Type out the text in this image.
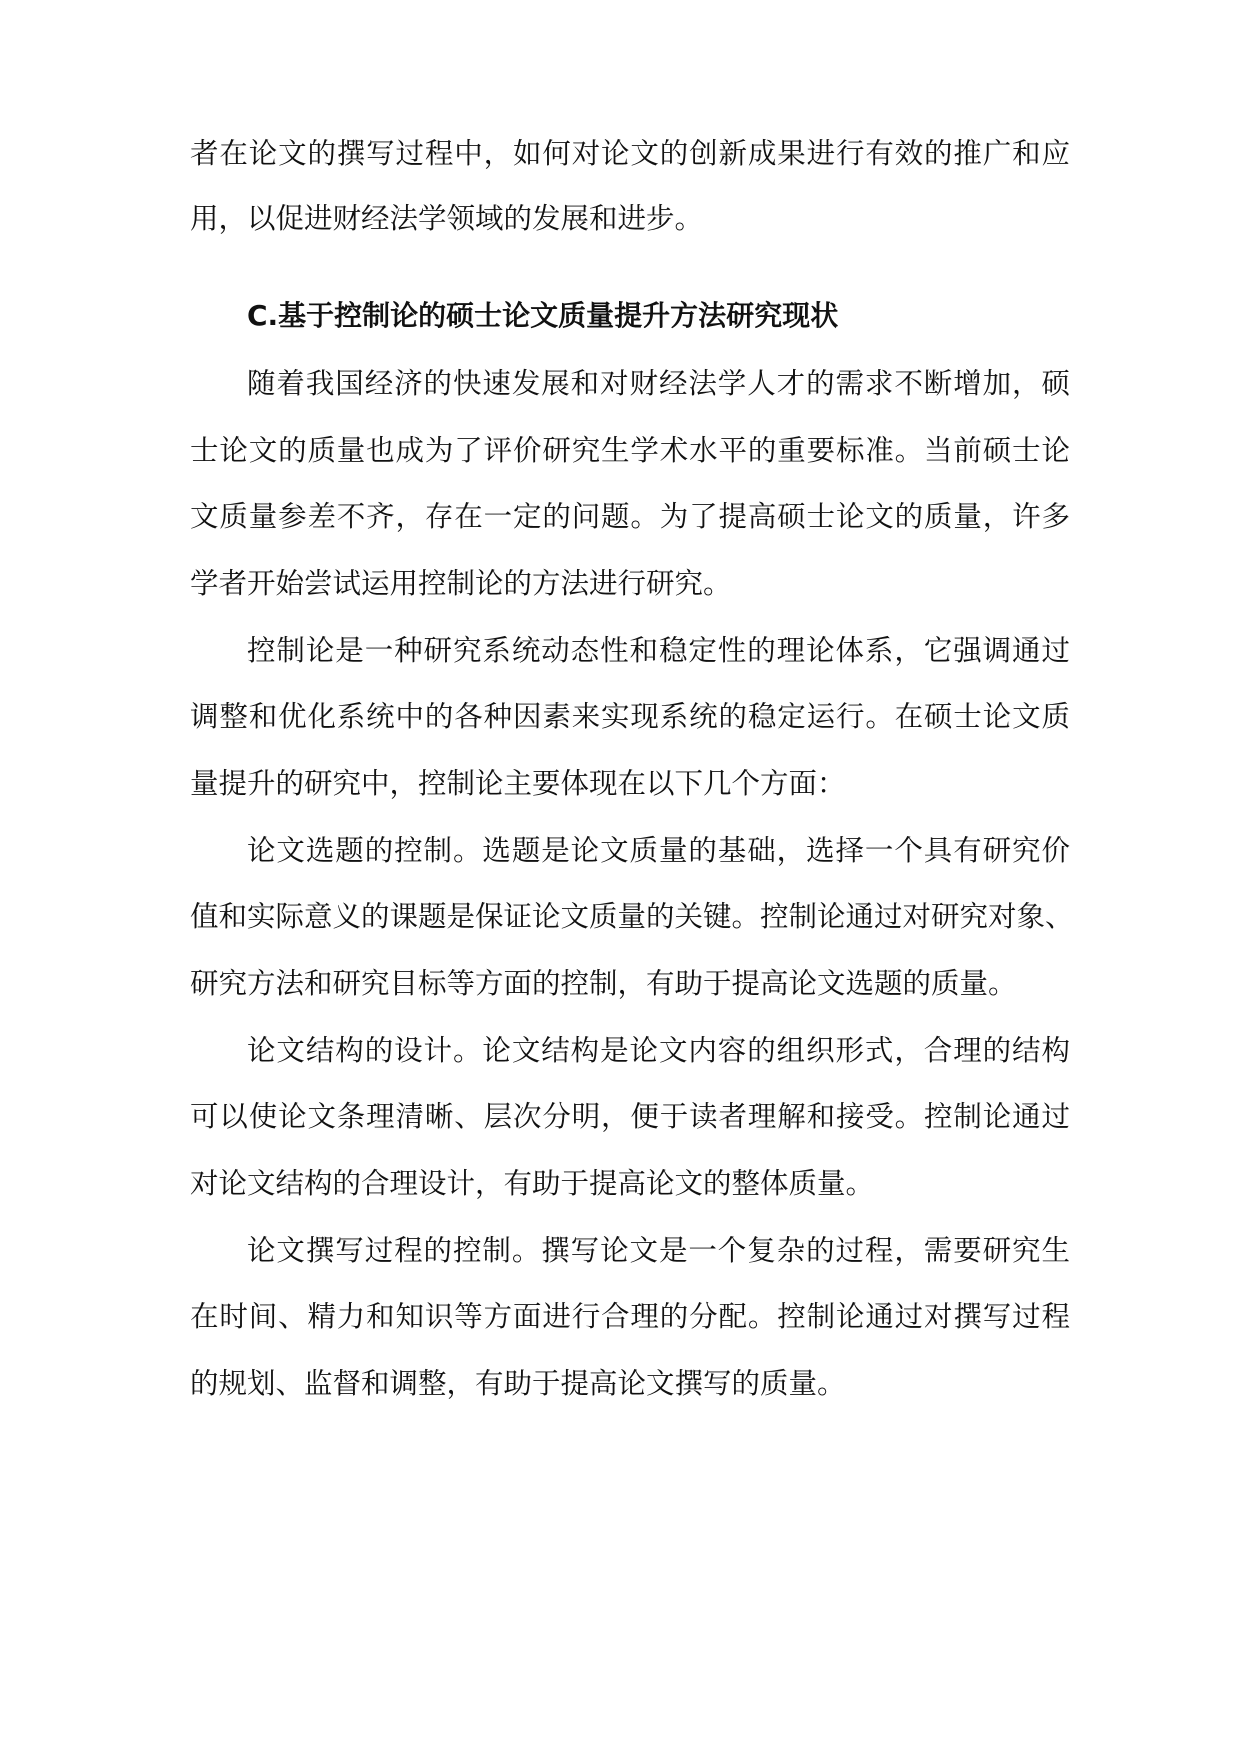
者在论文的撰写过程中，如何对论文的创新成果进行有效的推广和应
用，以促进财经法学领域的发展和进步。
C.基于控制论的硕士论文质量提升方法研究现状
随着我国经济的快速发展和对财经法学人才的需求不断增加，硕
士论文的质量也成为了评价研究生学术水平的重要标准。当前硕士论
文质量参差不齐，存在一定的问题。为了提高硕士论文的质量，许多
学者开始尝试运用控制论的方法进行研究。
控制论是一种研究系统动态性和稳定性的理论体系，它强调通过
调整和优化系统中的各种因素来实现系统的稳定运行。在硕士论文质
量提升的研究中，控制论主要体现在以下几个方面：
论文选题的控制。选题是论文质量的基础，选择一个具有研究价
值和实际意义的课题是保证论文质量的关键。控制论通过对研究对象、
研究方法和研究目标等方面的控制，有助于提高论文选题的质量。
论文结构的设计。论文结构是论文内容的组织形式，合理的结构
可以使论文条理清晰、层次分明，便于读者理解和接受。控制论通过
对论文结构的合理设计，有助于提高论文的整体质量。
论文撰写过程的控制。撰写论文是一个复杂的过程，需要研究生
在时间、精力和知识等方面进行合理的分配。控制论通过对撰写过程
的规划、监督和调整，有助于提高论文撰写的质量。
